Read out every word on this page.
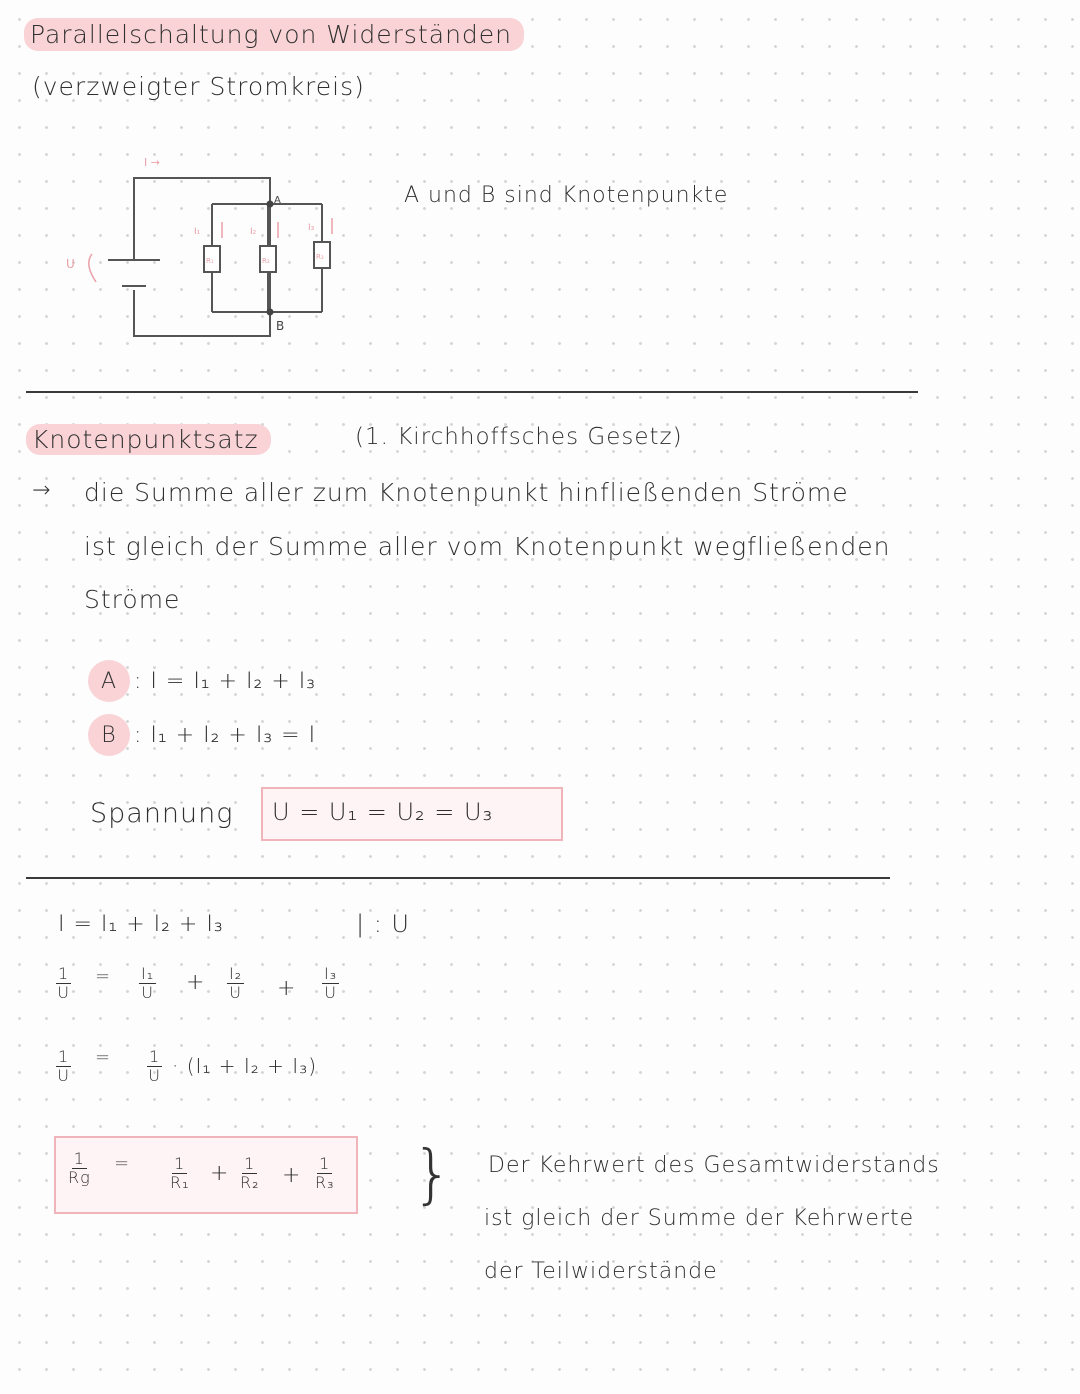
Parallelschaltung von Widerständen
(verzweigter Stromkreis)
I →
U
A
B
I₁	I₂	I₃
R₁	R₂	R₃
A und B sind Knotenpunkte
Knotenpunktsatz	(1. Kirchhoffsches Gesetz)
→ die Summe aller zum Knotenpunkt hinfließenden Ströme
ist gleich der Summe aller vom Knotenpunkt wegfließenden
Ströme
A : I = I₁ + I₂ + I₃
B : I₁ + I₂ + I₃ = I
Spannung U = U₁ = U₂ = U₃
I = I₁ + I₂ + I₃	| : U
$\frac{1}{U} = \frac{\text{I₁}}{U} + \frac{\text{I₂}}{U} + \frac{\text{I₃}}{U}$
$\frac{1}{U} = \frac{1}{U} \cdot (I_1 + I_2 + I_3)$
$\frac{1}{Rg} = \frac{1}{\text{R₁}} + \frac{1}{\text{R₂}} + \frac{1}{\text{R₃}}$ } Der Kehrwert des Gesamtwiderstands
ist gleich der Summe der Kehrwerte
der Teilwiderstände
